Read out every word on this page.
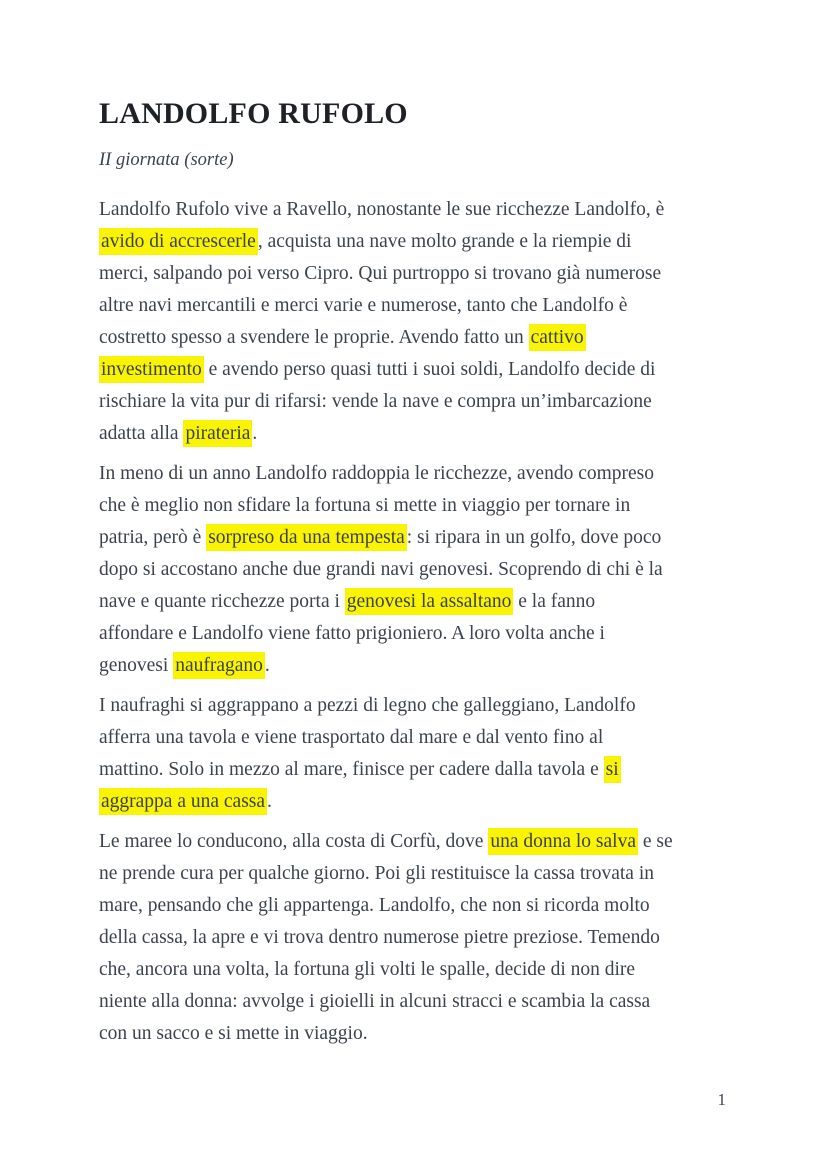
LANDOLFO RUFOLO

II giornata (sorte)

Landolfo Rufolo vive a Ravello, nonostante le sue ricchezze Landolfo, è
avido di accrescerle , acquista una nave molto grande e la riempie di
merci, salpando poi verso Cipro. Qui purtroppo si trovano già numerose
altre navi mercantili e merci varie e numerose, tanto che Landolfo è
costretto spesso a svendere le proprie. Avendo fatto un cattivo
investimento e avendo perso quasi tutti i suoi soldi, Landolfo decide di
rischiare la vita pur di rifarsi: vende la nave e compra un’imbarcazione
adatta alla pirateria .
In meno di un anno Landolfo raddoppia le ricchezze, avendo compreso
che è meglio non sfidare la fortuna si mette in viaggio per tornare in
patria, però è sorpreso da una tempesta : si ripara in un golfo, dove poco
dopo si accostano anche due grandi navi genovesi. Scoprendo di chi è la
nave e quante ricchezze porta i genovesi la assaltano e la fanno
affondare e Landolfo viene fatto prigioniero. A loro volta anche i
genovesi naufragano .
I naufraghi si aggrappano a pezzi di legno che galleggiano, Landolfo
afferra una tavola e viene trasportato dal mare e dal vento fino al
mattino. Solo in mezzo al mare, finisce per cadere dalla tavola e si
aggrappa a una cassa .
Le maree lo conducono, alla costa di Corfù, dove una donna lo salva e se
ne prende cura per qualche giorno. Poi gli restituisce la cassa trovata in
mare, pensando che gli appartenga. Landolfo, che non si ricorda molto
della cassa, la apre e vi trova dentro numerose pietre preziose. Temendo
che, ancora una volta, la fortuna gli volti le spalle, decide di non dire
niente alla donna: avvolge i gioielli in alcuni stracci e scambia la cassa
con un sacco e si mette in viaggio.
1
